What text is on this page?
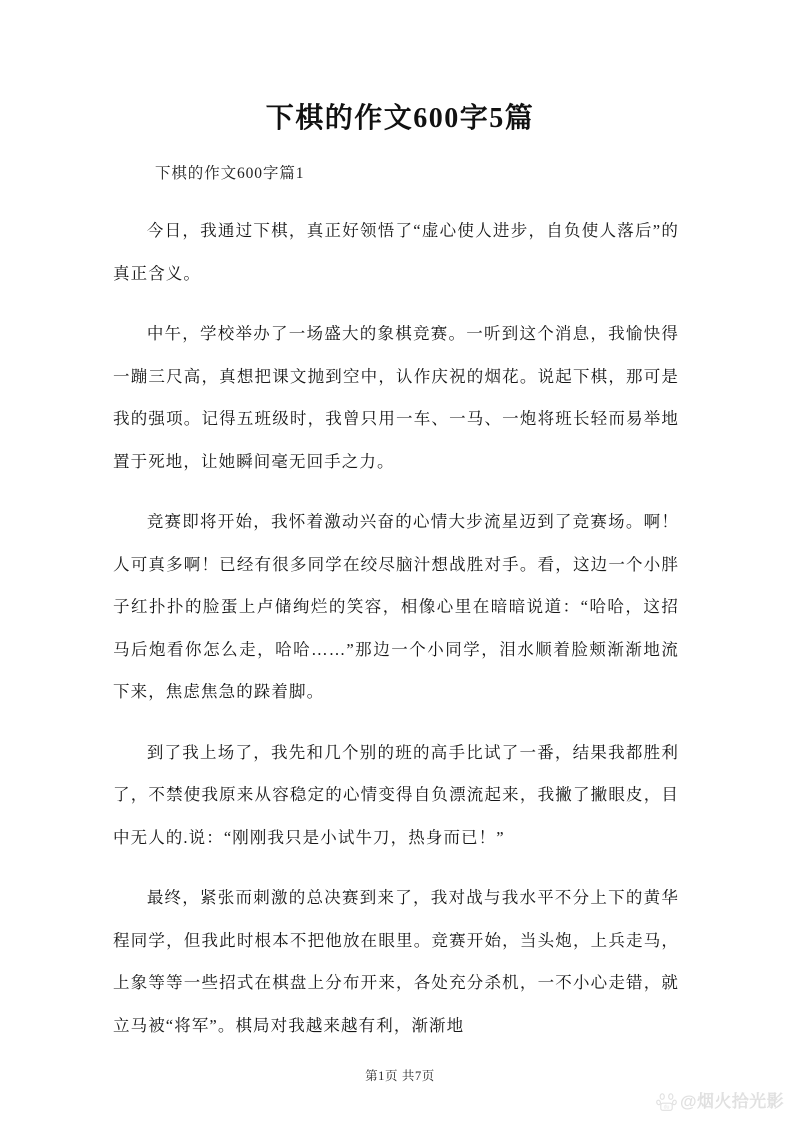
下棋的作文600字5篇
下棋的作文600字篇1

今日，我通过下棋，真正好领悟了“虚心使人进步，自负使人落后”的真正含义。

中午，学校举办了一场盛大的象棋竞赛。一听到这个消息，我愉快得一蹦三尺高，真想把课文抛到空中，认作庆祝的烟花。说起下棋，那可是我的强项。记得五班级时，我曾只用一车、一马、一炮将班长轻而易举地置于死地，让她瞬间毫无回手之力。

竞赛即将开始，我怀着激动兴奋的心情大步流星迈到了竞赛场。啊！人可真多啊！已经有很多同学在绞尽脑汁想战胜对手。看，这边一个小胖子红扑扑的脸蛋上卢储绚烂的笑容，相像心里在暗暗说道：“哈哈，这招马后炮看你怎么走，哈哈……”那边一个小同学，泪水顺着脸颊渐渐地流下来，焦虑焦急的跺着脚。

到了我上场了，我先和几个别的班的高手比试了一番，结果我都胜利了，不禁使我原来从容稳定的心情变得自负漂流起来，我撇了撇眼皮，目中无人的.说：“刚刚我只是小试牛刀，热身而已！”

最终，紧张而刺激的总决赛到来了，我对战与我水平不分上下的黄华程同学，但我此时根本不把他放在眼里。竞赛开始，当头炮，上兵走马，上象等等一些招式在棋盘上分布开来，各处充分杀机，一不小心走错，就立马被“将军”。棋局对我越来越有利，渐渐地

第1页 共7页
du @烟火拾光影
